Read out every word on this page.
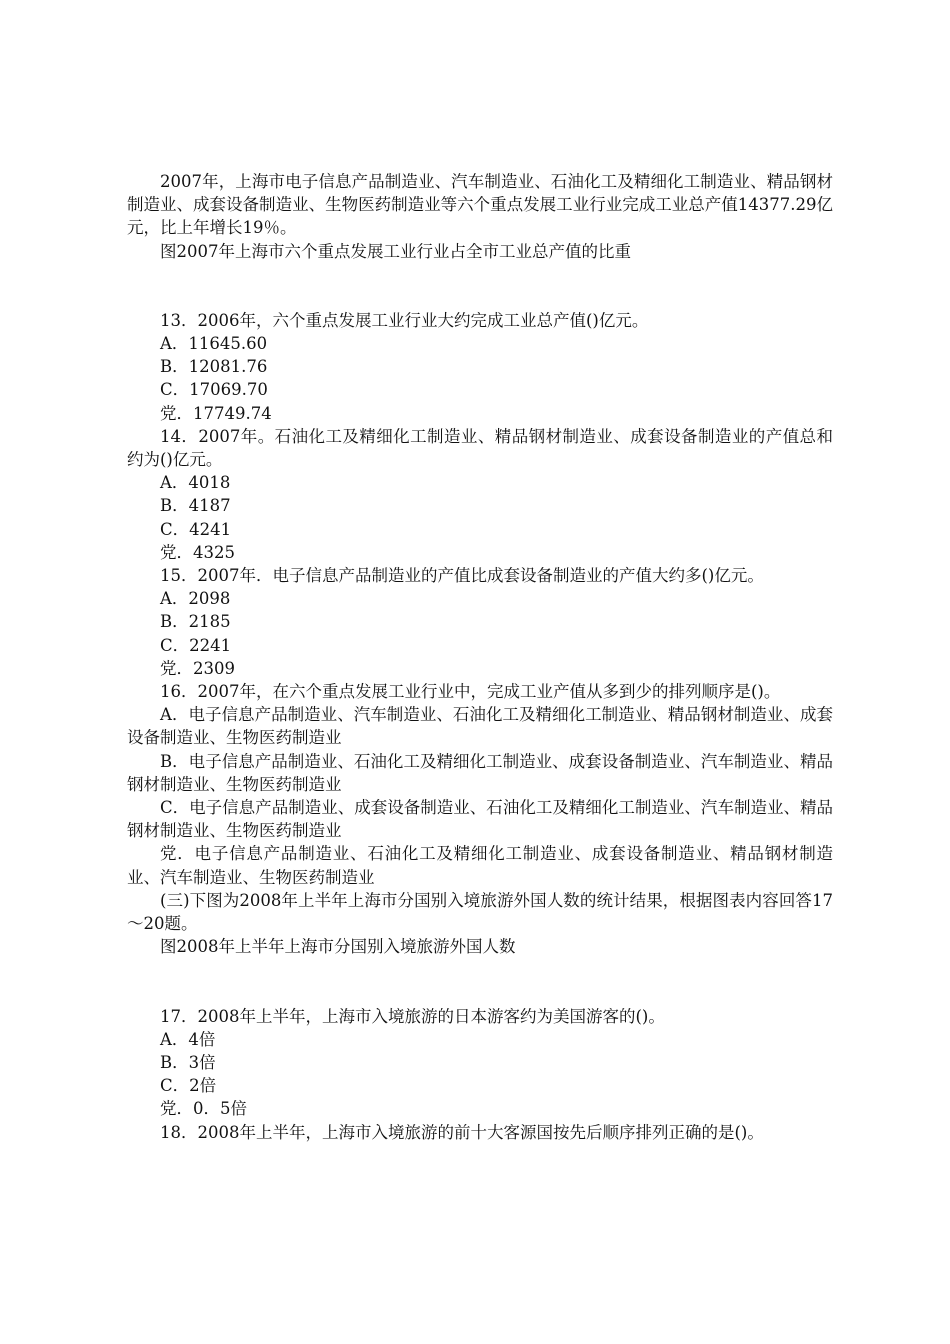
2007年，上海市电子信息产品制造业、汽车制造业、石油化工及精细化工制造业、精品钢材制造业、成套设备制造业、生物医药制造业等六个重点发展工业行业完成工业总产值14377.29亿元，比上年增长19％。

图2007年上海市六个重点发展工业行业占全市工业总产值的比重

13．2006年，六个重点发展工业行业大约完成工业总产值()亿元。

A．11645.60

B．12081.76

C．17069.70

党．17749.74

14．2007年。石油化工及精细化工制造业、精品钢材制造业、成套设备制造业的产值总和约为()亿元。

A．4018

B．4187

C．4241

党．4325

15．2007年．电子信息产品制造业的产值比成套设备制造业的产值大约多()亿元。

A．2098

B．2185

C．2241

党．2309

16．2007年，在六个重点发展工业行业中，完成工业产值从多到少的排列顺序是()。

A．电子信息产品制造业、汽车制造业、石油化工及精细化工制造业、精品钢材制造业、成套设备制造业、生物医药制造业

B．电子信息产品制造业、石油化工及精细化工制造业、成套设备制造业、汽车制造业、精品钢材制造业、生物医药制造业

C．电子信息产品制造业、成套设备制造业、石油化工及精细化工制造业、汽车制造业、精品钢材制造业、生物医药制造业

党．电子信息产品制造业、石油化工及精细化工制造业、成套设备制造业、精品钢材制造业、汽车制造业、生物医药制造业

(三)下图为2008年上半年上海市分国别入境旅游外国人数的统计结果，根据图表内容回答17～20题。

图2008年上半年上海市分国别入境旅游外国人数

17．2008年上半年，上海市入境旅游的日本游客约为美国游客的()。

A．4倍

B．3倍

C．2倍

党．0．5倍

18．2008年上半年，上海市入境旅游的前十大客源国按先后顺序排列正确的是()。
